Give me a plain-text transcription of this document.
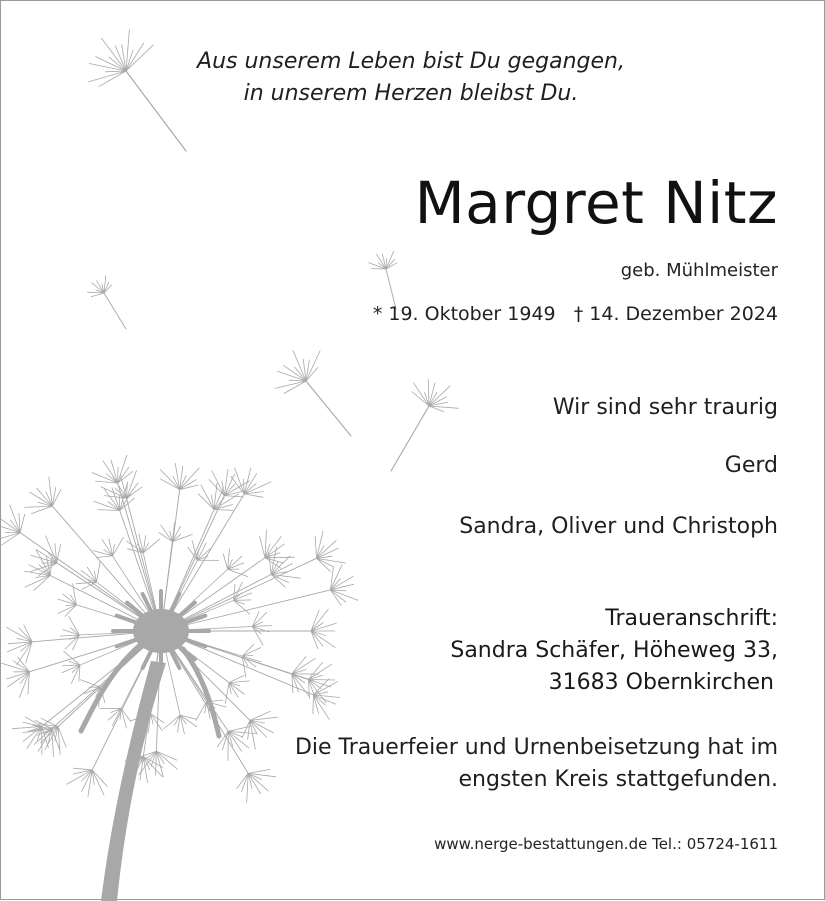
Aus unserem Leben bist Du gegangen,
in unserem Herzen bleibst Du.
Margret Nitz
geb. Mühlmeister
* 19. Oktober 1949   † 14. Dezember 2024
Wir sind sehr traurig
Gerd
Sandra, Oliver und Christoph
Traueranschrift:
Sandra Schäfer, Höheweg 33,
31683 Obernkirchen
Die Trauerfeier und Urnenbeisetzung hat im
engsten Kreis stattgefunden.
www.nerge-bestattungen.de Tel.: 05724-1611
